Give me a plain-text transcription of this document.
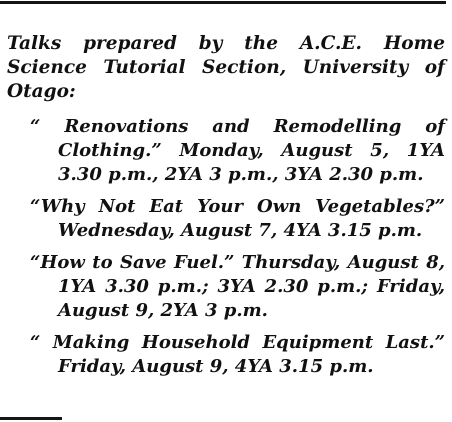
Talks prepared by the A.C.E. Home Science Tutorial Section, University of Otago:

“ Renovations and Remodelling of Clothing.” Monday, August 5, 1YA 3.30 p.m., 2YA 3 p.m., 3YA 2.30 p.m.
“Why Not Eat Your Own Vegetables?” Wednesday, August 7, 4YA 3.15 p.m.
“How to Save Fuel.” Thursday, August 8, 1YA 3.30 p.m.; 3YA 2.30 p.m.; Friday, August 9, 2YA 3 p.m.
“ Making Household Equipment Last.” Friday, August 9, 4YA 3.15 p.m.
